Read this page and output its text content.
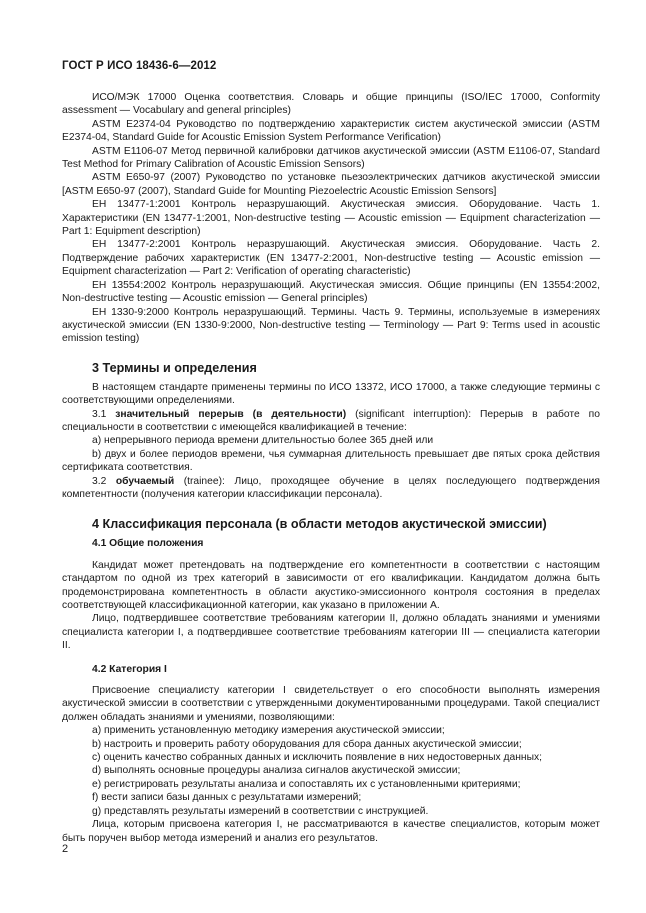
ГОСТ Р ИСО 18436-6—2012

ИСО/МЭК 17000 Оценка соответствия. Словарь и общие принципы (ISO/IEC 17000, Conformity assessment — Vocabulary and general principles)

ASTM E2374-04 Руководство по подтверждению характеристик систем акустической эмиссии (ASTM E2374-04, Standard Guide for Acoustic Emission System Performance Verification)

ASTM E1106-07 Метод первичной калибровки датчиков акустической эмиссии (ASTM E1106-07, Standard Test Method for Primary Calibration of Acoustic Emission Sensors)

ASTM E650-97 (2007) Руководство по установке пьезоэлектрических датчиков акустической эмиссии [ASTM E650-97 (2007), Standard Guide for Mounting Piezoelectric Acoustic Emission Sensors]

EH 13477-1:2001 Контроль неразрушающий. Акустическая эмиссия. Оборудование. Часть 1. Характеристики (EN 13477-1:2001, Non-destructive testing — Acoustic emission — Equipment characterization — Part 1: Equipment description)

EH 13477-2:2001 Контроль неразрушающий. Акустическая эмиссия. Оборудование. Часть 2. Подтверждение рабочих характеристик (EN 13477-2:2001, Non-destructive testing — Acoustic emission — Equipment characterization — Part 2: Verification of operating characteristic)

EH 13554:2002 Контроль неразрушающий. Акустическая эмиссия. Общие принципы (EN 13554:2002, Non-destructive testing — Acoustic emission — General principles)

EH 1330-9:2000 Контроль неразрушающий. Термины. Часть 9. Термины, используемые в измерениях акустической эмиссии (EN 1330-9:2000, Non-destructive testing — Terminology — Part 9: Terms used in acoustic emission testing)

3 Термины и определения

В настоящем стандарте применены термины по ИСО 13372, ИСО 17000, а также следующие термины с соответствующими определениями.

3.1 значительный перерыв (в деятельности) (significant interruption): Перерыв в работе по специальности в соответствии с имеющейся квалификацией в течение:

a) непрерывного периода времени длительностью более 365 дней или

b) двух и более периодов времени, чья суммарная длительность превышает две пятых срока действия сертификата соответствия.

3.2 обучаемый (trainee): Лицо, проходящее обучение в целях последующего подтверждения компетентности (получения категории классификации персонала).

4 Классификация персонала (в области методов акустической эмиссии)

4.1 Общие положения

Кандидат может претендовать на подтверждение его компетентности в соответствии с настоящим стандартом по одной из трех категорий в зависимости от его квалификации. Кандидатом должна быть продемонстрирована компетентность в области акустико-эмиссионного контроля состояния в пределах соответствующей классификационной категории, как указано в приложении А.

Лицо, подтвердившее соответствие требованиям категории II, должно обладать знаниями и умениями специалиста категории I, а подтвердившее соответствие требованиям категории III — специалиста категории II.

4.2 Категория I

Присвоение специалисту категории I свидетельствует о его способности выполнять измерения акустической эмиссии в соответствии с утвержденными документированными процедурами. Такой специалист должен обладать знаниями и умениями, позволяющими:

a) применить установленную методику измерения акустической эмиссии;

b) настроить и проверить работу оборудования для сбора данных акустической эмиссии;

c) оценить качество собранных данных и исключить появление в них недостоверных данных;

d) выполнять основные процедуры анализа сигналов акустической эмиссии;

e) регистрировать результаты анализа и сопоставлять их с установленными критериями;

f) вести записи базы данных с результатами измерений;

g) представлять результаты измерений в соответствии с инструкцией.

Лица, которым присвоена категория I, не рассматриваются в качестве специалистов, которым может быть поручен выбор метода измерений и анализ его результатов.

2
